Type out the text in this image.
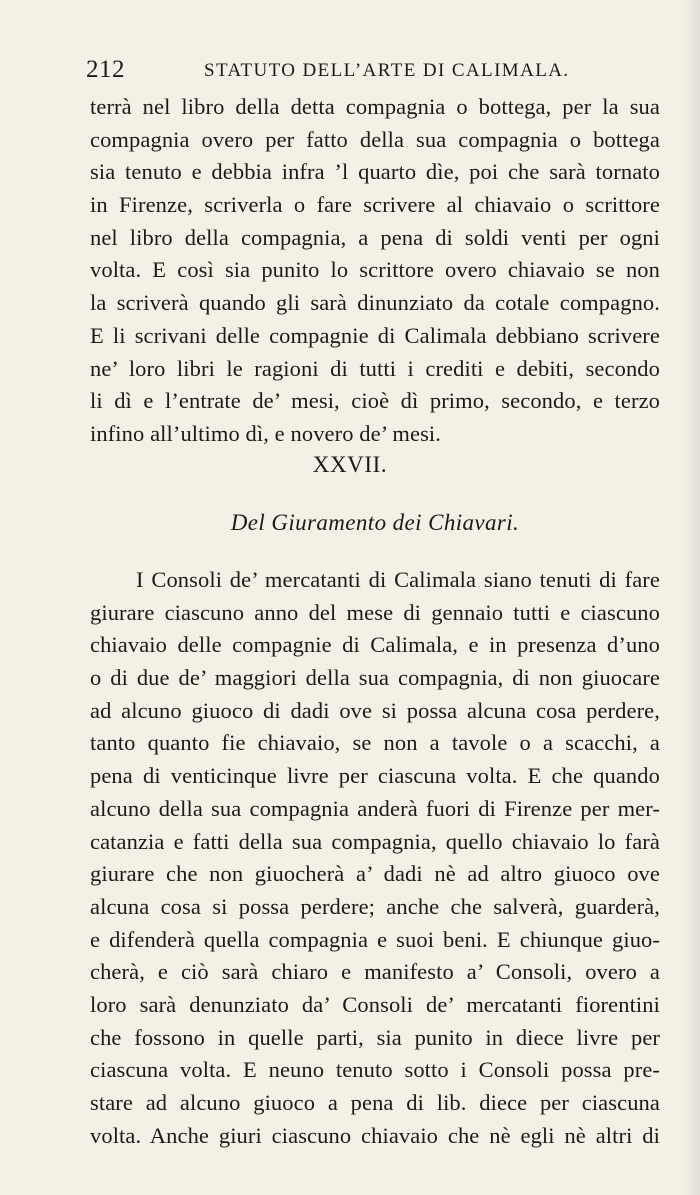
212	STATUTO DELL’ARTE DI CALIMALA.
terrà nel libro della detta compagnia o bottega, per la sua
compagnia overo per fatto della sua compagnia o bottega
sia tenuto e debbia infra ’l quarto dìe, poi che sarà tornato
in Firenze, scriverla o fare scrivere al chiavaio o scrittore
nel libro della compagnia, a pena di soldi venti per ogni
volta. E così sia punito lo scrittore overo chiavaio se non
la scriverà quando gli sarà dinunziato da cotale compagno.
E li scrivani delle compagnie di Calimala debbiano scrivere
ne’ loro libri le ragioni di tutti i crediti e debiti, secondo
li dì e l’entrate de’ mesi, cioè dì primo, secondo, e terzo
infino all’ultimo dì, e novero de’ mesi.
XXVII.
Del Giuramento dei Chiavari.
I Consoli de’ mercatanti di Calimala siano tenuti di fare
giurare ciascuno anno del mese di gennaio tutti e ciascuno
chiavaio delle compagnie di Calimala, e in presenza d’uno
o di due de’ maggiori della sua compagnia, di non giuocare
ad alcuno giuoco di dadi ove si possa alcuna cosa perdere,
tanto quanto fie chiavaio, se non a tavole o a scacchi, a
pena di venticinque livre per ciascuna volta. E che quando
alcuno della sua compagnia anderà fuori di Firenze per mer-
catanzia e fatti della sua compagnia, quello chiavaio lo farà
giurare che non giuocherà a’ dadi nè ad altro giuoco ove
alcuna cosa si possa perdere; anche che salverà, guarderà,
e difenderà quella compagnia e suoi beni. E chiunque giuo-
cherà, e ciò sarà chiaro e manifesto a’ Consoli, overo a
loro sarà denunziato da’ Consoli de’ mercatanti fiorentini
che fossono in quelle parti, sia punito in diece livre per
ciascuna volta. E neuno tenuto sotto i Consoli possa pre-
stare ad alcuno giuoco a pena di lib. diece per ciascuna
volta. Anche giuri ciascuno chiavaio che nè egli nè altri di
